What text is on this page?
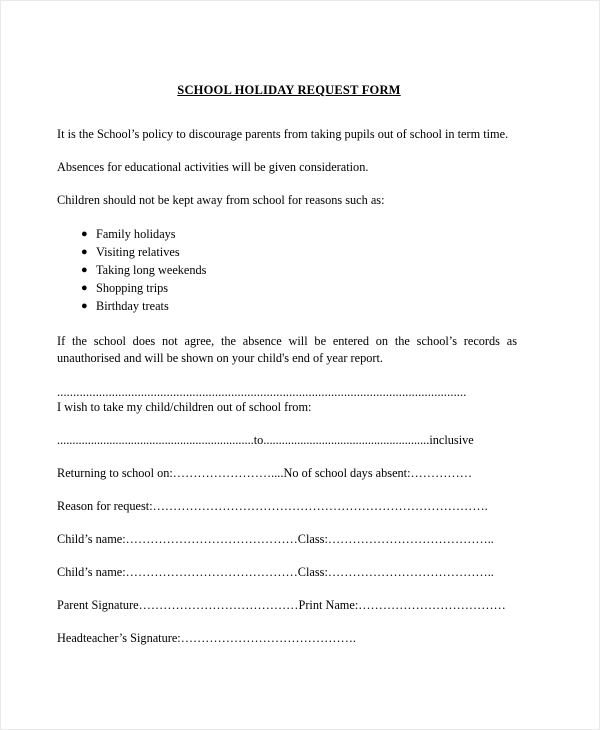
SCHOOL HOLIDAY REQUEST FORM

It is the School’s policy to discourage parents from taking pupils out of school in term time.

Absences for educational activities will be given consideration.

Children should not be kept away from school for reasons such as:

● Family holidays
● Visiting relatives
● Taking long weekends
● Shopping trips
● Birthday treats

If the school does not agree, the absence will be entered on the school’s records as unauthorised and will be shown on your child's end of year report.

...............................................................................................................................

I wish to take my child/children out of school from:

................................................................to......................................................inclusive
Returning to school on:……………………....No of school days absent:……………
Reason for request:……………………………………………………………………….
Child’s name:……………………………………Class:…………………………………..
Child’s name:……………………………………Class:…………………………………..
Parent Signature…………………………………Print Name:………………………………
Headteacher’s Signature:…………………………………….
